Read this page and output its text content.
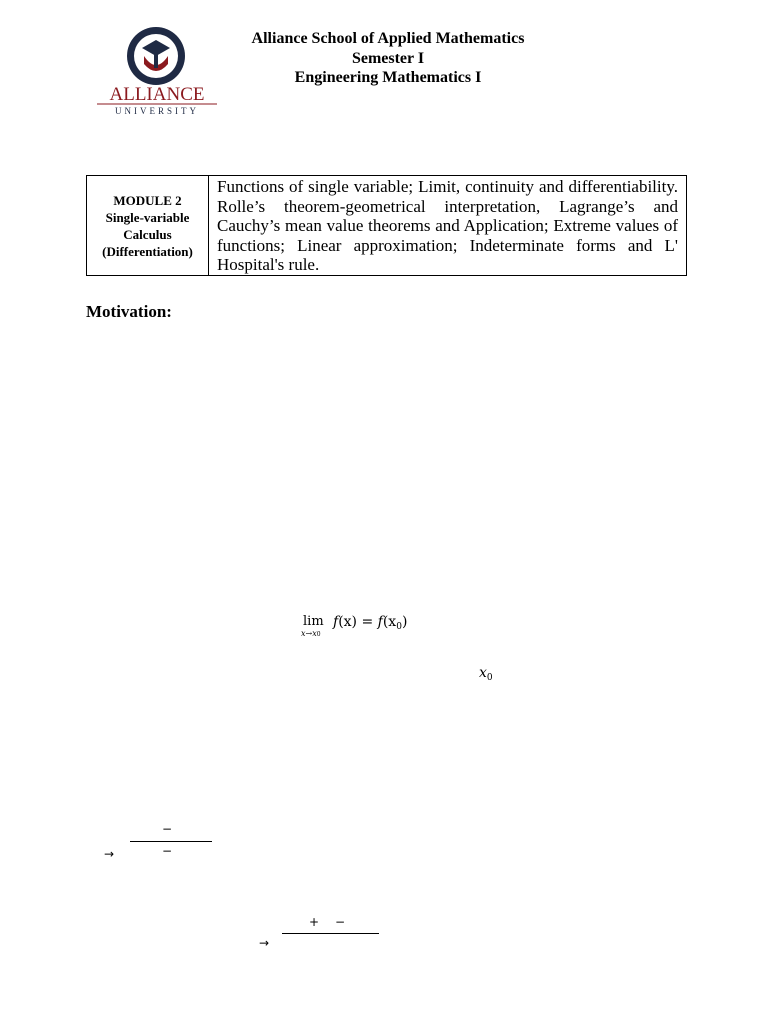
ALLIANCE
UNIVERSITY
Alliance School of Applied Mathematics
Semester I
Engineering Mathematics I
MODULE 2
Single-variable
Calculus
(Differentiation)
Functions of single variable; Limit, continuity and differentiability. Rolle’s theorem-geometrical interpretation, Lagrange’s and Cauchy’s mean value theorems and Application; Extreme values of functions; Linear approximation; Indeterminate forms and L' Hospital's rule.
Motivation:
lim
x→x0
$f(x) = f(x_0)$
$x_0$
−
−
→
+ −
→
